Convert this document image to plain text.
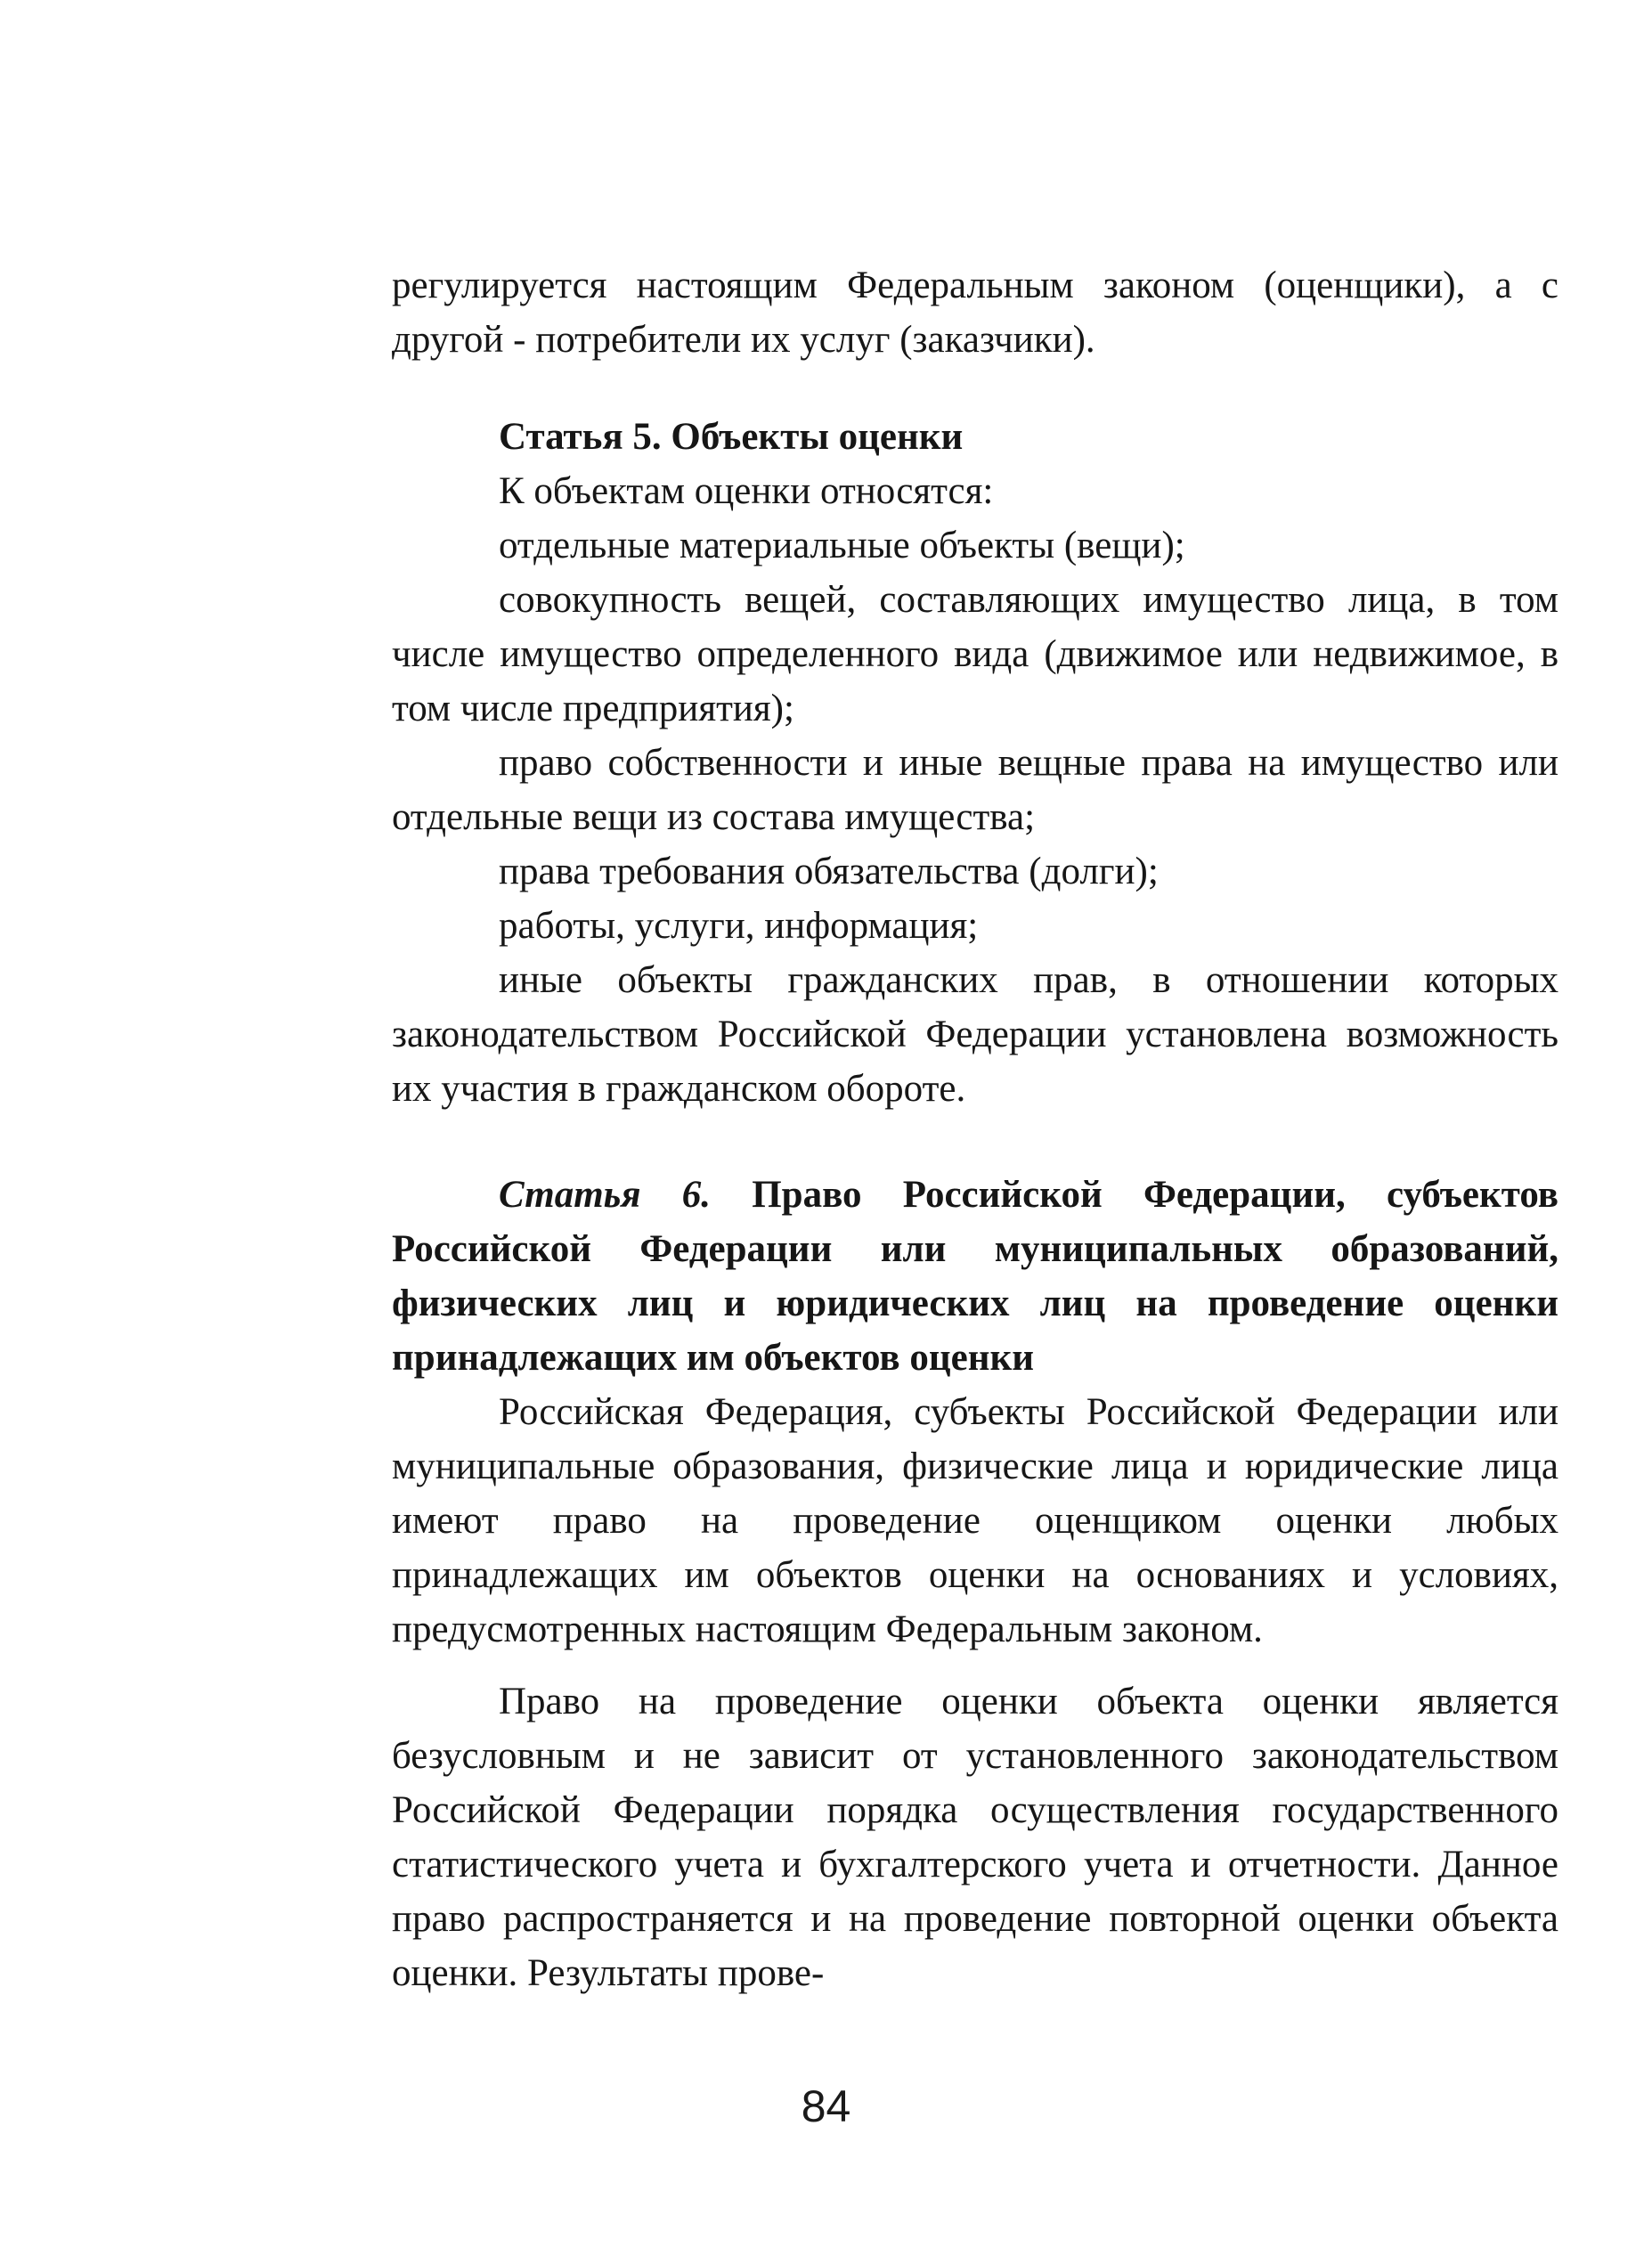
регулируется настоящим Федеральным законом (оценщики), а с другой - потребители их услуг (заказчики).

Статья 5. Объекты оценки

К объектам оценки относятся:

отдельные материальные объекты (вещи);

совокупность вещей, составляющих имущество лица, в том числе имущество определенного вида (движимое или недвижимое, в том числе предприятия);

право собственности и иные вещные права на имущество или отдельные вещи из состава имущества;

права требования обязательства (долги);

работы, услуги, информация;

иные объекты гражданских прав, в отношении которых законодательством Российской Федерации установлена возможность их участия в гражданском обороте.

Статья 6. Право Российской Федерации, субъектов Российской Федерации или муниципальных образований, физических лиц и юридических лиц на проведение оценки принадлежащих им объектов оценки

Российская Федерация, субъекты Российской Федерации или муниципальные образования, физические лица и юридические лица имеют право на проведение оценщиком оценки любых принадлежащих им объектов оценки на основаниях и условиях, предусмотренных настоящим Федеральным законом.

Право на проведение оценки объекта оценки является безусловным и не зависит от установленного законодательством Российской Федерации порядка осуществления государственного статистического учета и бухгалтерского учета и отчетности. Данное право распространяется и на проведение повторной оценки объекта оценки. Результаты прове-

84
